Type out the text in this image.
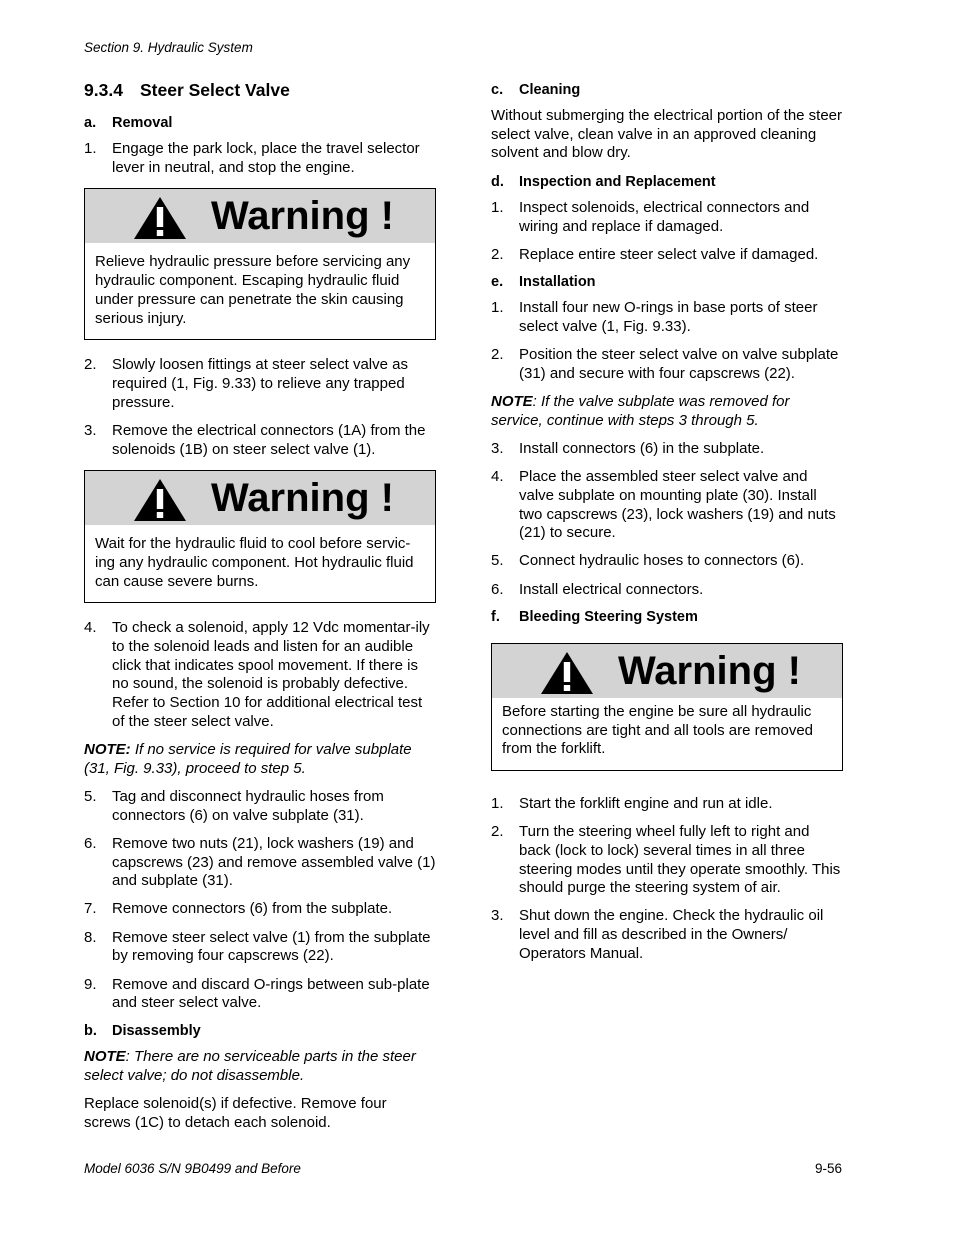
Section 9. Hydraulic System
9.3.4 Steer Select Valve
a. Removal
1. Engage the park lock, place the travel selector lever in neutral, and stop the engine.
Warning !
Relieve hydraulic pressure before servicing any hydraulic component. Escaping hydraulic fluid under pressure can penetrate the skin causing serious injury.
2. Slowly loosen fittings at steer select valve as required (1, Fig. 9.33) to relieve any trapped pressure.
3. Remove the electrical connectors (1A) from the solenoids (1B) on steer select valve (1).
Warning !
Wait for the hydraulic fluid to cool before servic-ing any hydraulic component. Hot hydraulic fluid can cause severe burns.
4. To check a solenoid, apply 12 Vdc momentar-ily to the solenoid leads and listen for an audible click that indicates spool movement. If there is no sound, the solenoid is probably defective. Refer to Section 10 for additional electrical test of the steer select valve.
NOTE: If no service is required for valve subplate (31, Fig. 9.33), proceed to step 5.
5. Tag and disconnect hydraulic hoses from connectors (6) on valve subplate (31).
6. Remove two nuts (21), lock washers (19) and capscrews (23) and remove assembled valve (1) and subplate (31).
7. Remove connectors (6) from the subplate.
8. Remove steer select valve (1) from the subplate by removing four capscrews (22).
9. Remove and discard O-rings between sub-plate and steer select valve.
b. Disassembly
NOTE: There are no serviceable parts in the steer select valve; do not disassemble.
Replace solenoid(s) if defective. Remove four screws (1C) to detach each solenoid.
c. Cleaning
Without submerging the electrical portion of the steer select valve, clean valve in an approved cleaning solvent and blow dry.
d. Inspection and Replacement
1. Inspect solenoids, electrical connectors and wiring and replace if damaged.
2. Replace entire steer select valve if damaged.
e. Installation
1. Install four new O-rings in base ports of steer select valve (1, Fig. 9.33).
2. Position the steer select valve on valve subplate (31) and secure with four capscrews (22).
NOTE: If the valve subplate was removed for service, continue with steps 3 through 5.
3. Install connectors (6) in the subplate.
4. Place the assembled steer select valve and valve subplate on mounting plate (30). Install two capscrews (23), lock washers (19) and nuts (21) to secure.
5. Connect hydraulic hoses to connectors (6).
6. Install electrical connectors.
f. Bleeding Steering System
Warning !
Before starting the engine be sure all hydraulic connections are tight and all tools are removed from the forklift.
1. Start the forklift engine and run at idle.
2. Turn the steering wheel fully left to right and back (lock to lock) several times in all three steering modes until they operate smoothly. This should purge the steering system of air.
3. Shut down the engine. Check the hydraulic oil level and fill as described in the Owners/ Operators Manual.
Model 6036 S/N 9B0499 and Before	9-56
